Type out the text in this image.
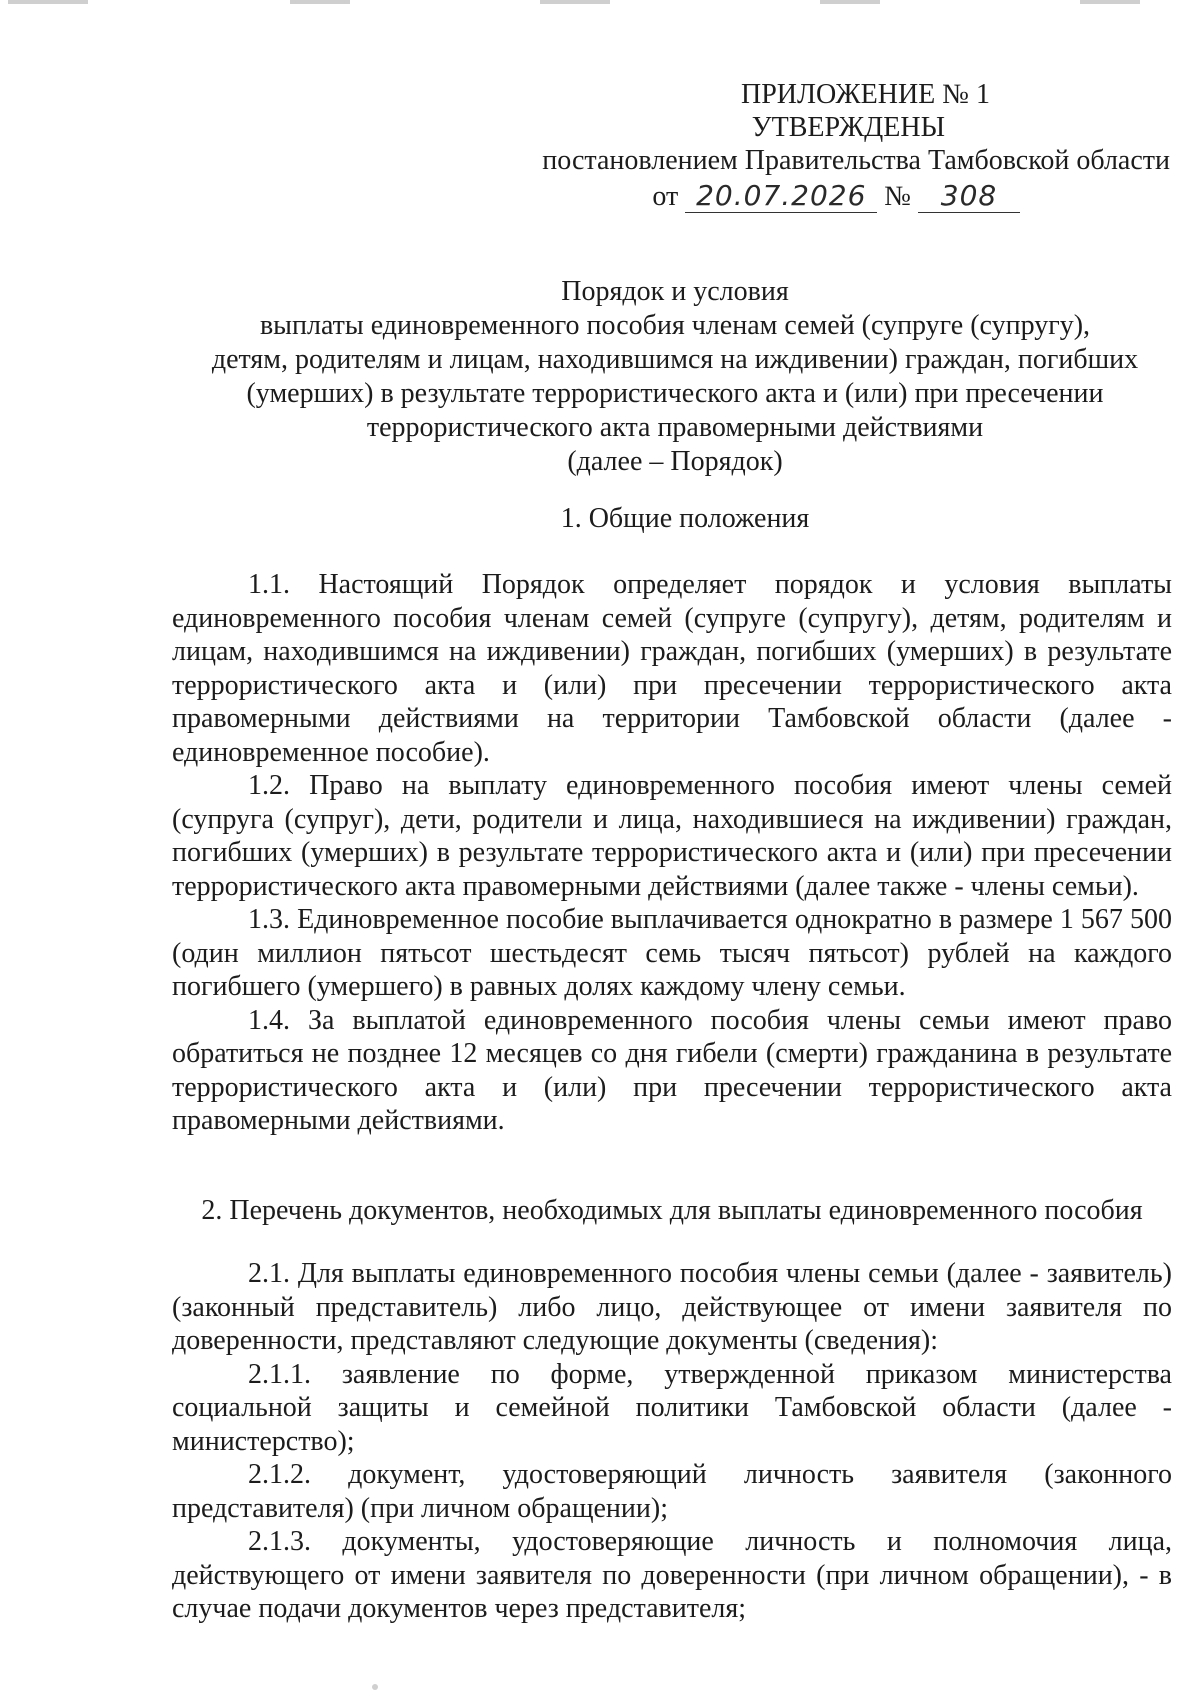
ПРИЛОЖЕНИЕ № 1
УТВЕРЖДЕНЫ
постановлением Правительства Тамбовской области
от 20.07.2026 № 308
Порядок и условия
выплаты единовременного пособия членам семей (супруге (супругу),
детям, родителям и лицам, находившимся на иждивении) граждан, погибших
(умерших) в результате террористического акта и (или) при пресечении
террористического акта правомерными действиями
(далее – Порядок)
1. Общие положения

1.1. Настоящий Порядок определяет порядок и условия выплаты единовременного пособия членам семей (супруге (супругу), детям, родителям и лицам, находившимся на иждивении) граждан, погибших (умерших) в результате террористического акта и (или) при пресечении террористического акта правомерными действиями на территории Тамбовской области (далее - единовременное пособие).

1.2. Право на выплату единовременного пособия имеют члены семей (супруга (супруг), дети, родители и лица, находившиеся на иждивении) граждан, погибших (умерших) в результате террористического акта и (или) при пресечении террористического акта правомерными действиями (далее также - члены семьи).

1.3. Единовременное пособие выплачивается однократно в размере 1 567 500 (один миллион пятьсот шестьдесят семь тысяч пятьсот) рублей на каждого погибшего (умершего) в равных долях каждому члену семьи.

1.4. За выплатой единовременного пособия члены семьи имеют право обратиться не позднее 12 месяцев со дня гибели (смерти) гражданина в результате террористического акта и (или) при пресечении террористического акта правомерными действиями.

2. Перечень документов, необходимых для выплаты единовременного пособия

2.1. Для выплаты единовременного пособия члены семьи (далее - заявитель) (законный представитель) либо лицо, действующее от имени заявителя по доверенности, представляют следующие документы (сведения):

2.1.1. заявление по форме, утвержденной приказом министерства социальной защиты и семейной политики Тамбовской области (далее - министерство);

2.1.2. документ, удостоверяющий личность заявителя (законного представителя) (при личном обращении);

2.1.3. документы, удостоверяющие личность и полномочия лица, действующего от имени заявителя по доверенности (при личном обращении), - в случае подачи документов через представителя;
